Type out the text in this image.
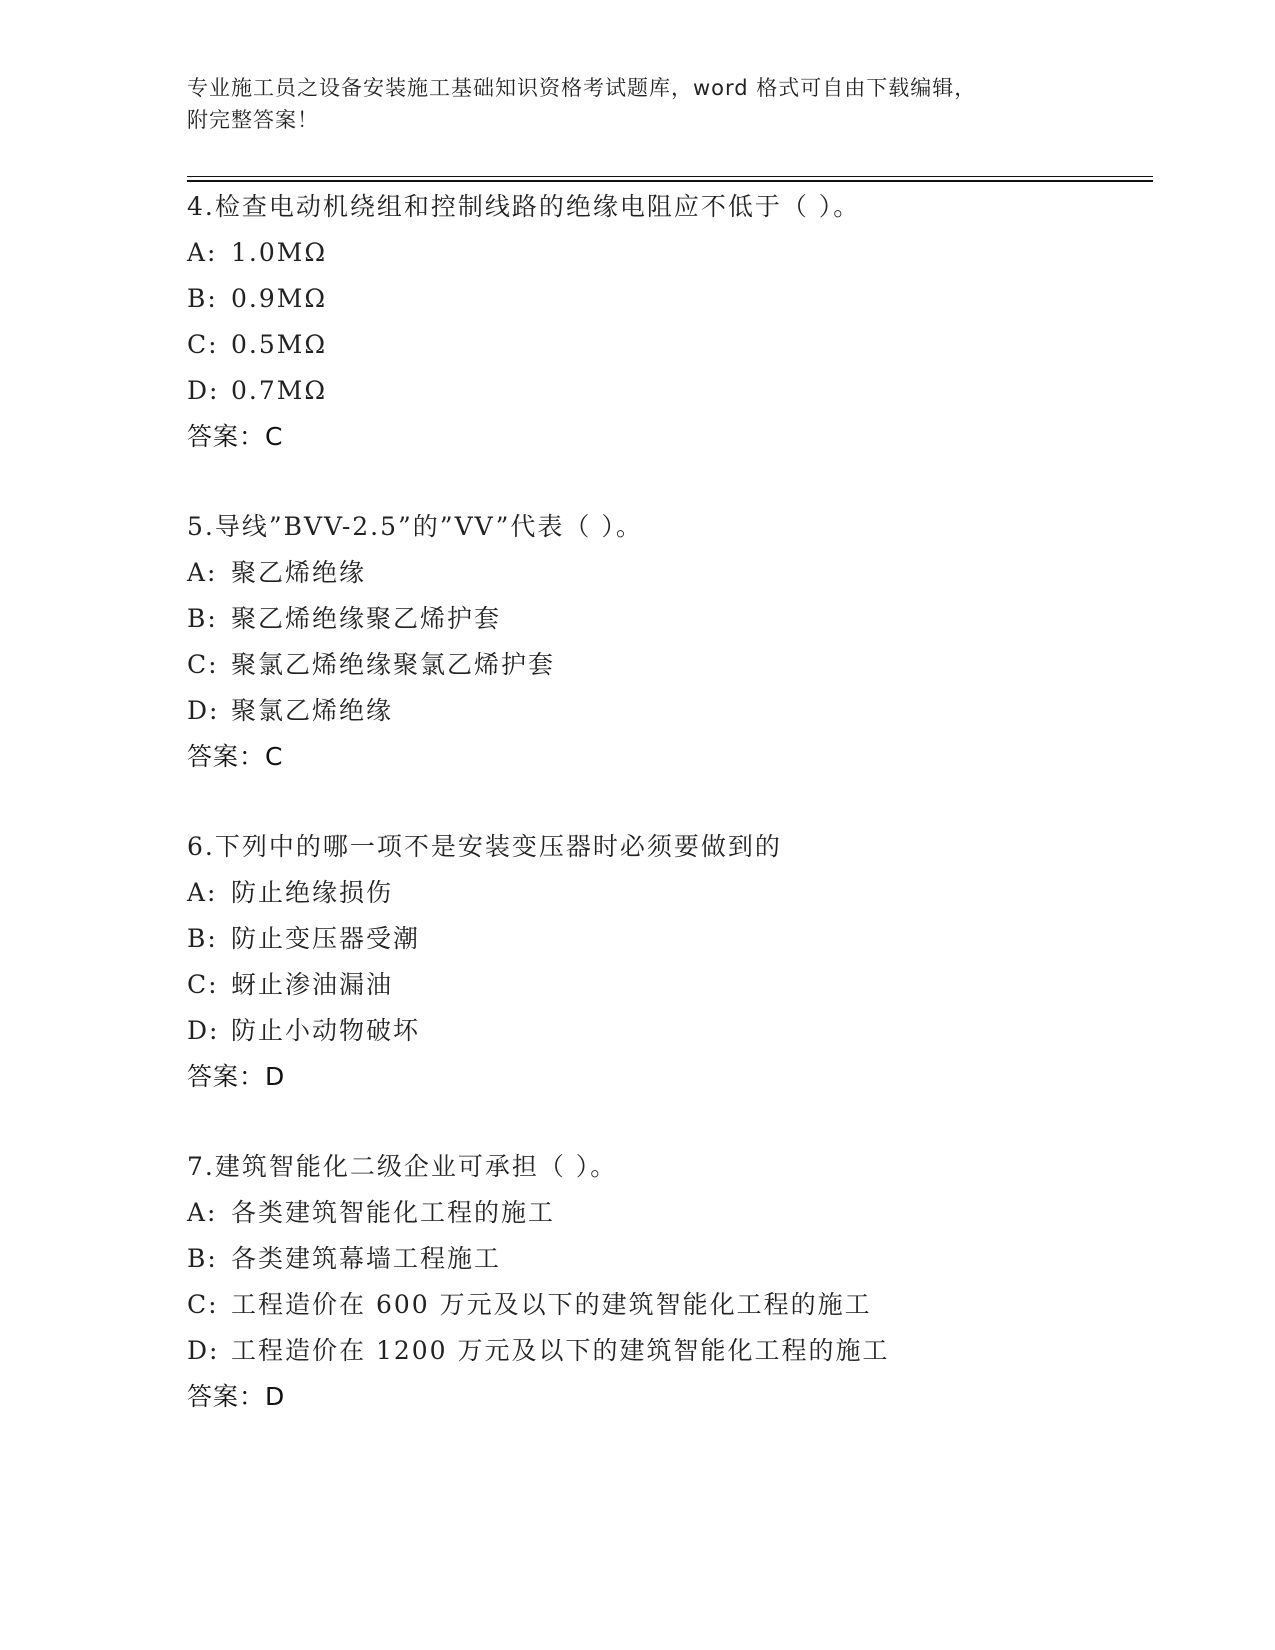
专业施工员之设备安装施工基础知识资格考试题库，word 格式可自由下载编辑，
附完整答案！
4.检查电动机绕组和控制线路的绝缘电阻应不低于（ ）。
A: 1.0MΩ
B: 0.9MΩ
C: 0.5MΩ
D: 0.7MΩ
答案：C
5.导线”BVV-2.5”的”VV”代表（ ）。
A: 聚乙烯绝缘
B: 聚乙烯绝缘聚乙烯护套
C: 聚氯乙烯绝缘聚氯乙烯护套
D: 聚氯乙烯绝缘
答案：C
6.下列中的哪一项不是安装变压器时必须要做到的
A: 防止绝缘损伤
B: 防止变压器受潮
C: 蚜止渗油漏油
D: 防止小动物破坏
答案：D
7.建筑智能化二级企业可承担（ ）。
A: 各类建筑智能化工程的施工
B: 各类建筑幕墙工程施工
C: 工程造价在 600 万元及以下的建筑智能化工程的施工
D: 工程造价在 1200 万元及以下的建筑智能化工程的施工
答案：D
